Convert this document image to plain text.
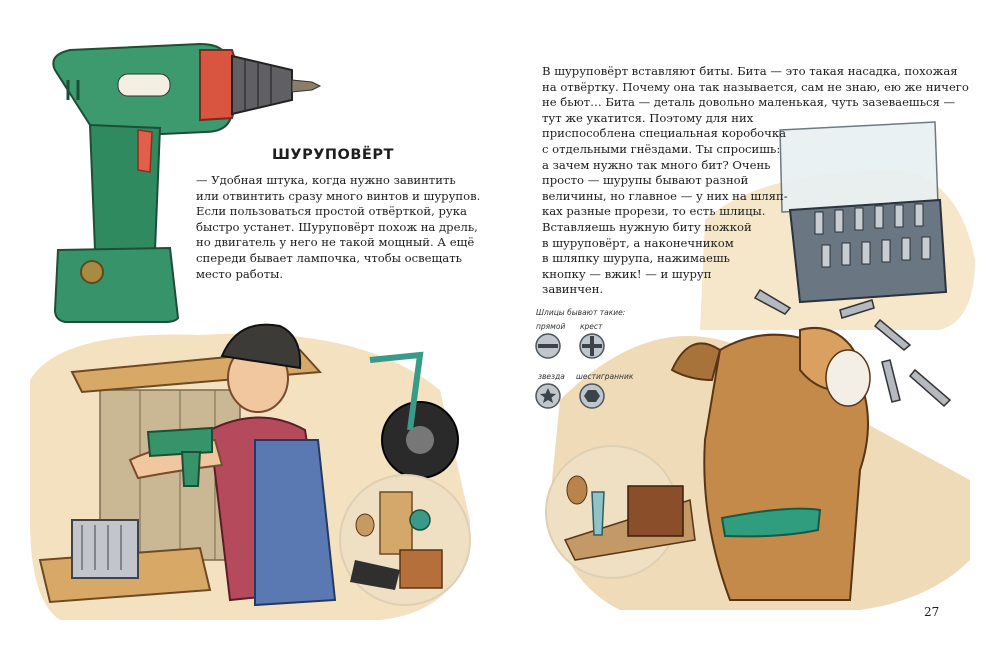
ШУРУПОВЁРТ
— Удобная штука, когда нужно завинтить
или отвинтить сразу много винтов и шурупов.
Если пользоваться простой отвёрткой, рука
быстро устанет. Шуруповёрт похож на дрель,
но двигатель у него не такой мощный. А ещё
спереди бывает лампочка, чтобы освещать
место работы.
В шуруповёрт вставляют биты. Бита — это такая насадка, похожая
на отвёртку. Почему она так называется, сам не знаю, ею же ничего
не бьют… Бита — деталь довольно маленькая, чуть зазеваешься —
тут же укатится. Поэтому для них
приспособлена специальная коробочка
с отдельными гнёздами. Ты спросишь:
а зачем нужно так много бит? Очень
просто — шурупы бывают разной
величины, но главное — у них на шляп-
ках разные прорези, то есть шлицы.
Вставляешь нужную биту ножкой
в шуруповёрт, а наконечником
в шляпку шурупа, нажимаешь
кнопку — вжик! — и шуруп
завинчен.
Шлицы бывают такие:
прямой крест
звезда шестигранник
27
